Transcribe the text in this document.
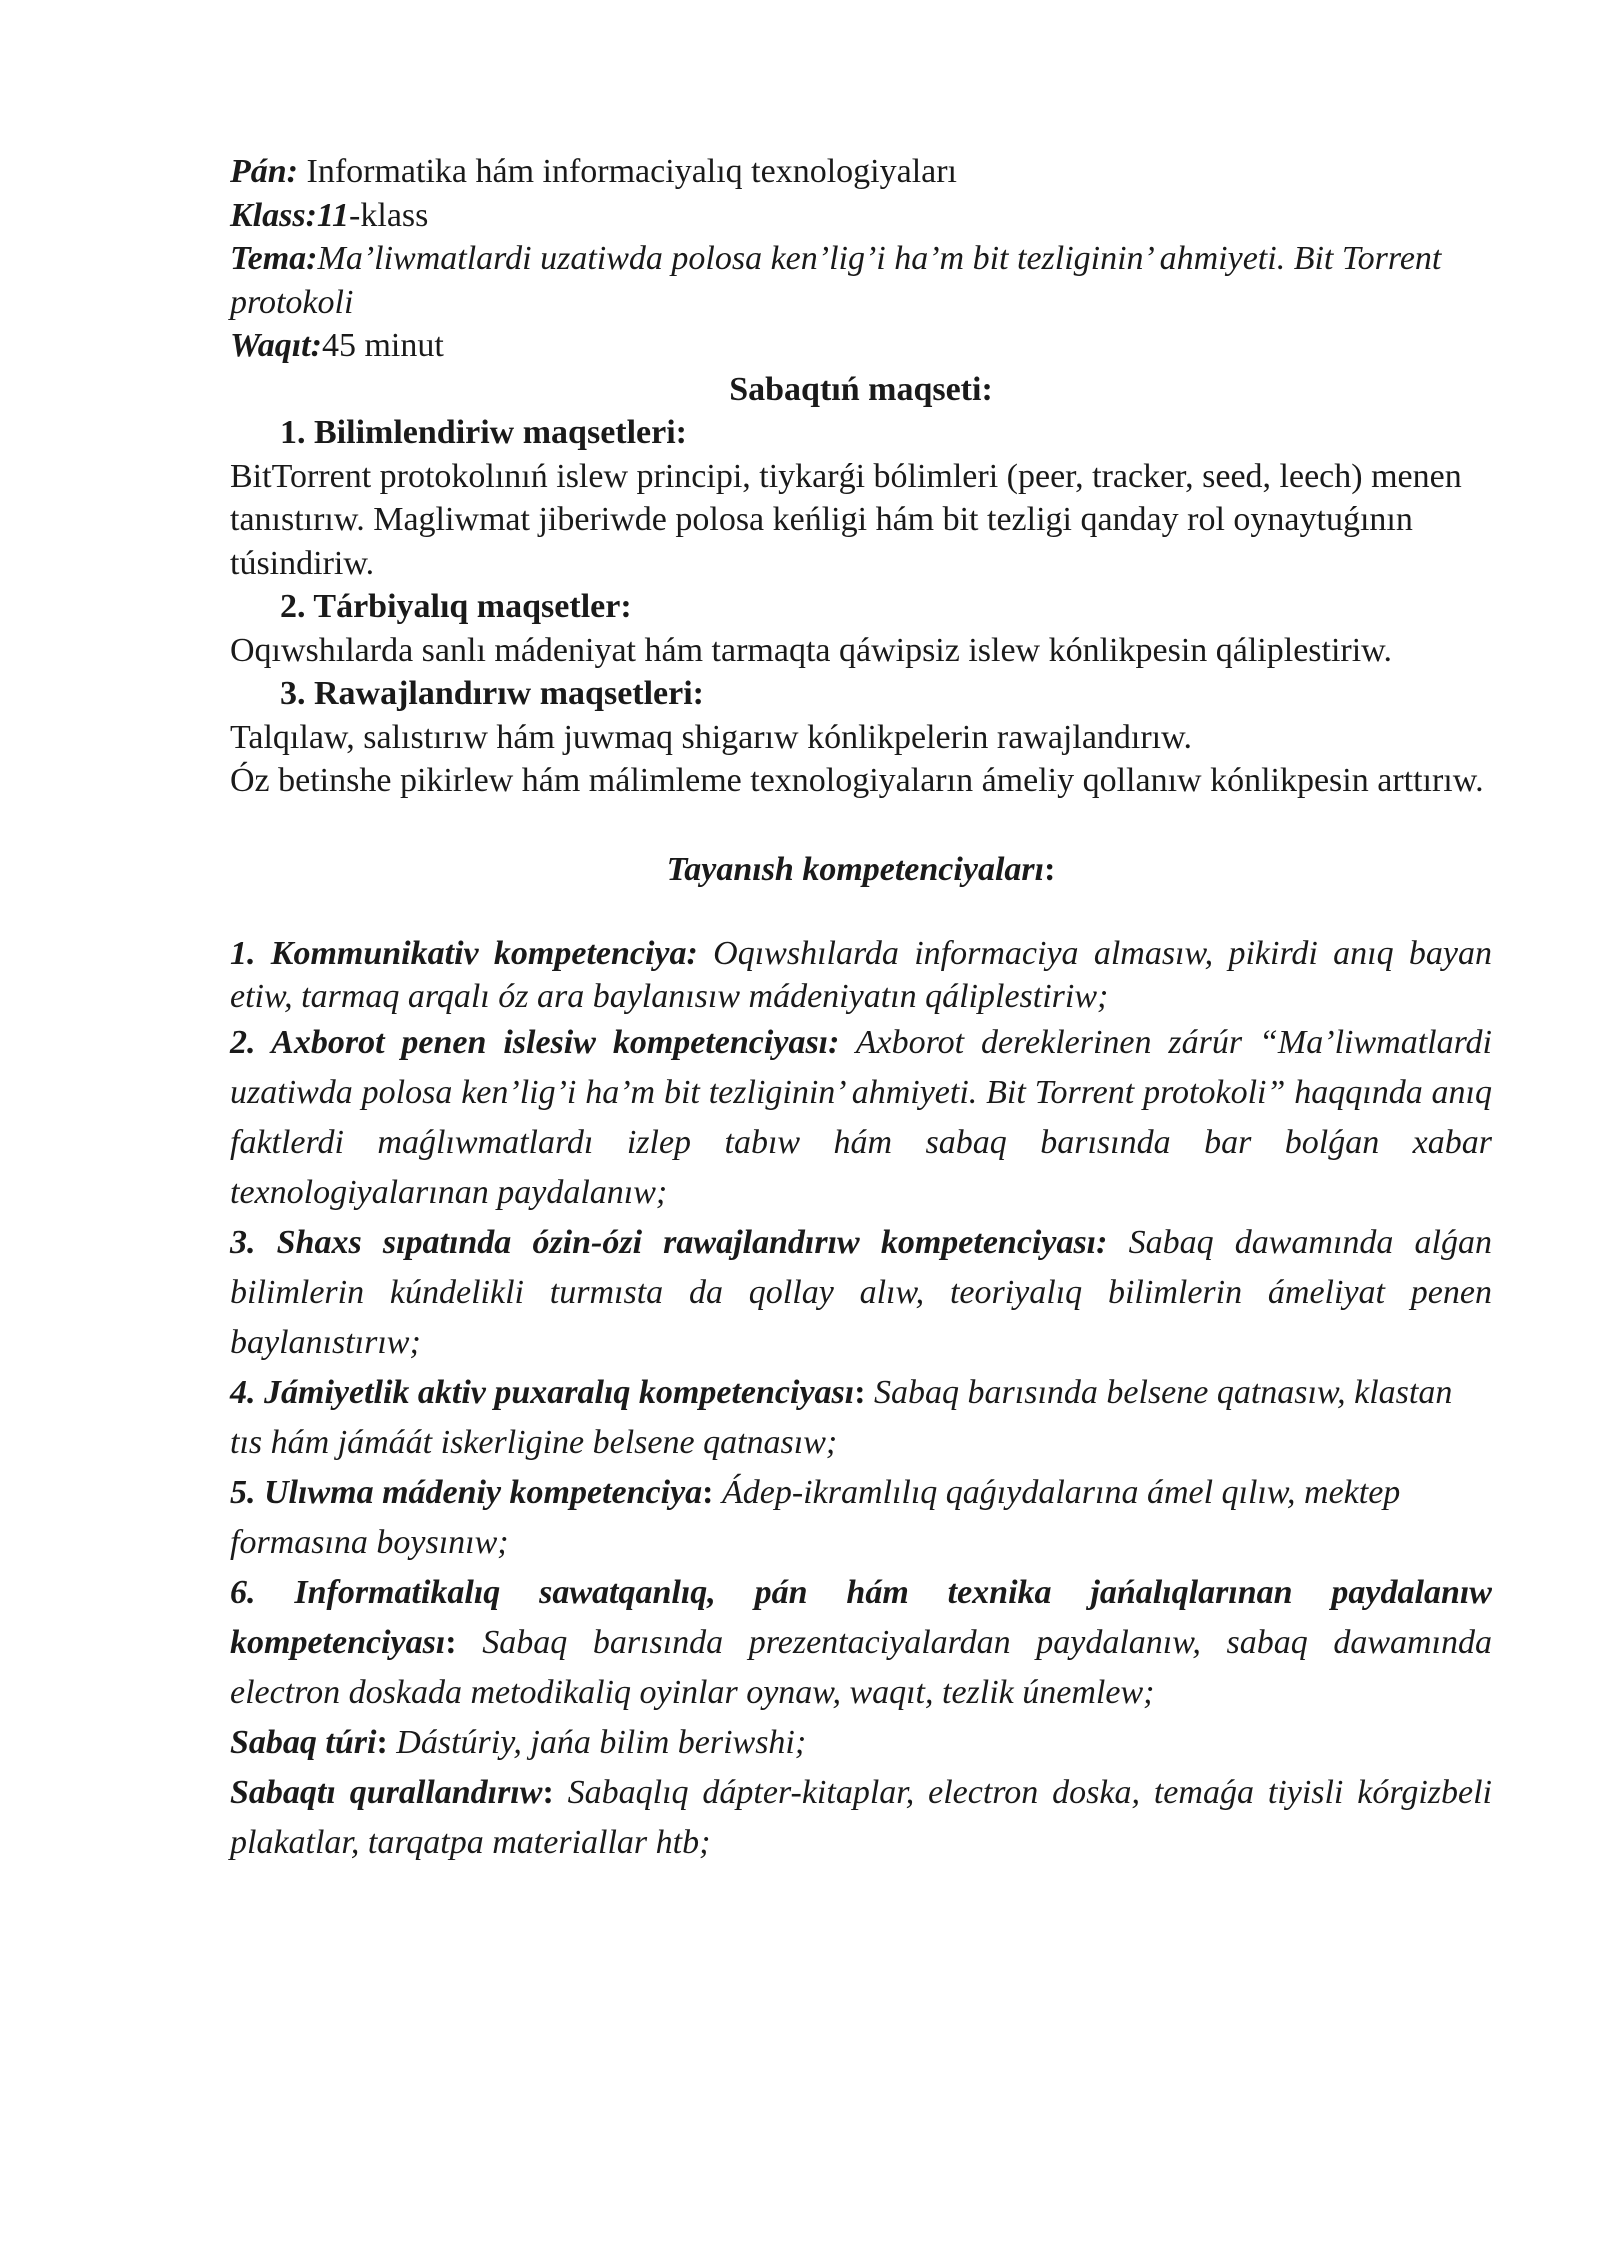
Pán: Informatika hám informaciyalıq texnologiyaları

Klass:11-klass

Tema:Ma’liwmatlardi uzatiwda polosa ken’lig’i ha’m bit tezliginin’ ahmiyeti. Bit Torrent protokoli

Waqıt:45 minut

Sabaqtıń maqseti:

1. Bilimlendiriw maqsetleri:

BitTorrent protokolınıń islew principi, tiykarǵi bólimleri (peer, tracker, seed, leech) menen tanıstırıw. Magliwmat jiberiwde polosa keńligi hám bit tezligi qanday rol oynaytuǵının túsindiriw.

2. Tárbiyalıq maqsetler:

Oqıwshılarda sanlı mádeniyat hám tarmaqta qáwipsiz islew kónlikpesin qáliplestiriw.

3. Rawajlandırıw maqsetleri:

Talqılaw, salıstırıw hám juwmaq shigarıw kónlikpelerin rawajlandırıw.
Óz betinshe pikirlew hám málimleme texnologiyaların ámeliy qollanıw kónlikpesin arttırıw.

Tayanısh kompetenciyaları:

1. Kommunikativ kompetenciya: Oqıwshılarda informaciya almasıw, pikirdi anıq bayan etiw, tarmaq arqalı óz ara baylanısıw mádeniyatın qáliplestiriw;

2. Axborot penen islesiw kompetenciyası: Axborot dereklerinen zárúr “Ma’liwmatlardi uzatiwda polosa ken’lig’i ha’m bit tezliginin’ ahmiyeti. Bit Torrent protokoli” haqqında anıq faktlerdi maǵlıwmatlardı izlep tabıw hám sabaq barısında bar bolǵan xabar texnologiyalarınan paydalanıw;

3. Shaxs sıpatında ózin-ózi rawajlandırıw kompetenciyası: Sabaq dawamında alǵan bilimlerin kúndelikli turmısta da qollay alıw, teoriyalıq bilimlerin ámeliyat penen baylanıstırıw;

4. Jámiyetlik aktiv puxaralıq kompetenciyası: Sabaq barısında belsene qatnasıw, klastan tıs hám jámáát iskerligine belsene qatnasıw;

5. Ulıwma mádeniy kompetenciya: Ádep-ikramlılıq qaǵıydalarına ámel qılıw, mektep formasına boysınıw;

6. Informatikalıq sawatqanlıq, pán hám texnika jańalıqlarınan paydalanıw kompetenciyası: Sabaq barısında prezentaciyalardan paydalanıw, sabaq dawamında electron doskada metodikaliq oyinlar oynaw, waqıt, tezlik únemlew;

Sabaq túri: Dástúriy, jańa bilim beriwshi;

Sabaqtı qurallandırıw: Sabaqlıq dápter-kitaplar, electron doska, temaǵa tiyisli kórgizbeli plakatlar, tarqatpa materiallar htb;
